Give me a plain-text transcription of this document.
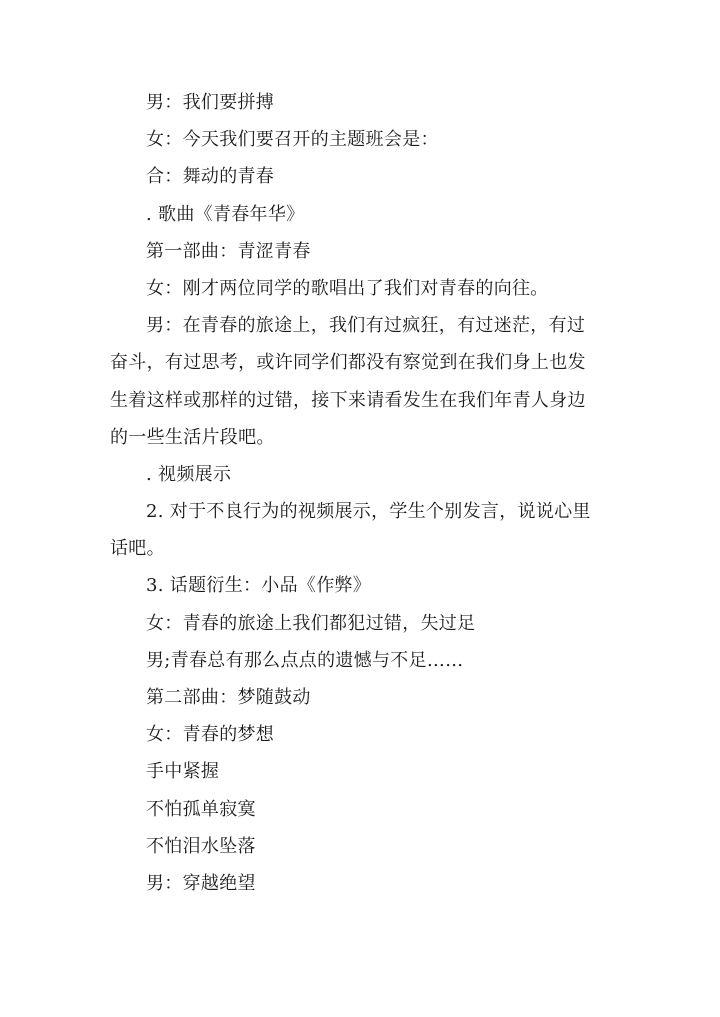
男：我们要拼搏
女：今天我们要召开的主题班会是：
合：舞动的青春
. 歌曲《青春年华》
第一部曲：青涩青春
女：刚才两位同学的歌唱出了我们对青春的向往。
男：在青春的旅途上，我们有过疯狂，有过迷茫，有过
奋斗，有过思考，或许同学们都没有察觉到在我们身上也发
生着这样或那样的过错，接下来请看发生在我们年青人身边
的一些生活片段吧。
. 视频展示
2. 对于不良行为的视频展示，学生个别发言，说说心里
话吧。
3. 话题衍生：小品《作弊》
女：青春的旅途上我们都犯过错，失过足
男;青春总有那么点点的遗憾与不足……
第二部曲：梦随鼓动
女：青春的梦想
手中紧握
不怕孤单寂寞
不怕泪水坠落
男：穿越绝望
